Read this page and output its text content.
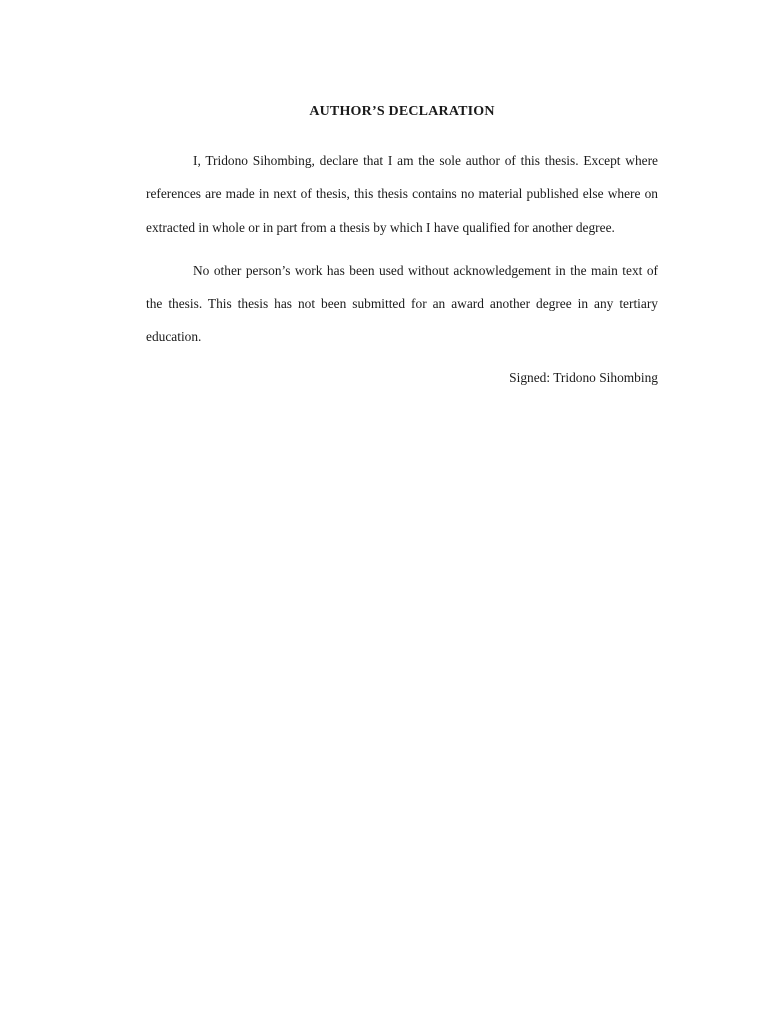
AUTHOR’S DECLARATION

I, Tridono Sihombing, declare that I am the sole author of this thesis. Except where references are made in next of thesis, this thesis contains no material published else where on extracted in whole or in part from a thesis by which I have qualified for another degree.

No other person’s work has been used without acknowledgement in the main text of the thesis. This thesis has not been submitted for an award another degree in any tertiary education.

Signed: Tridono Sihombing
